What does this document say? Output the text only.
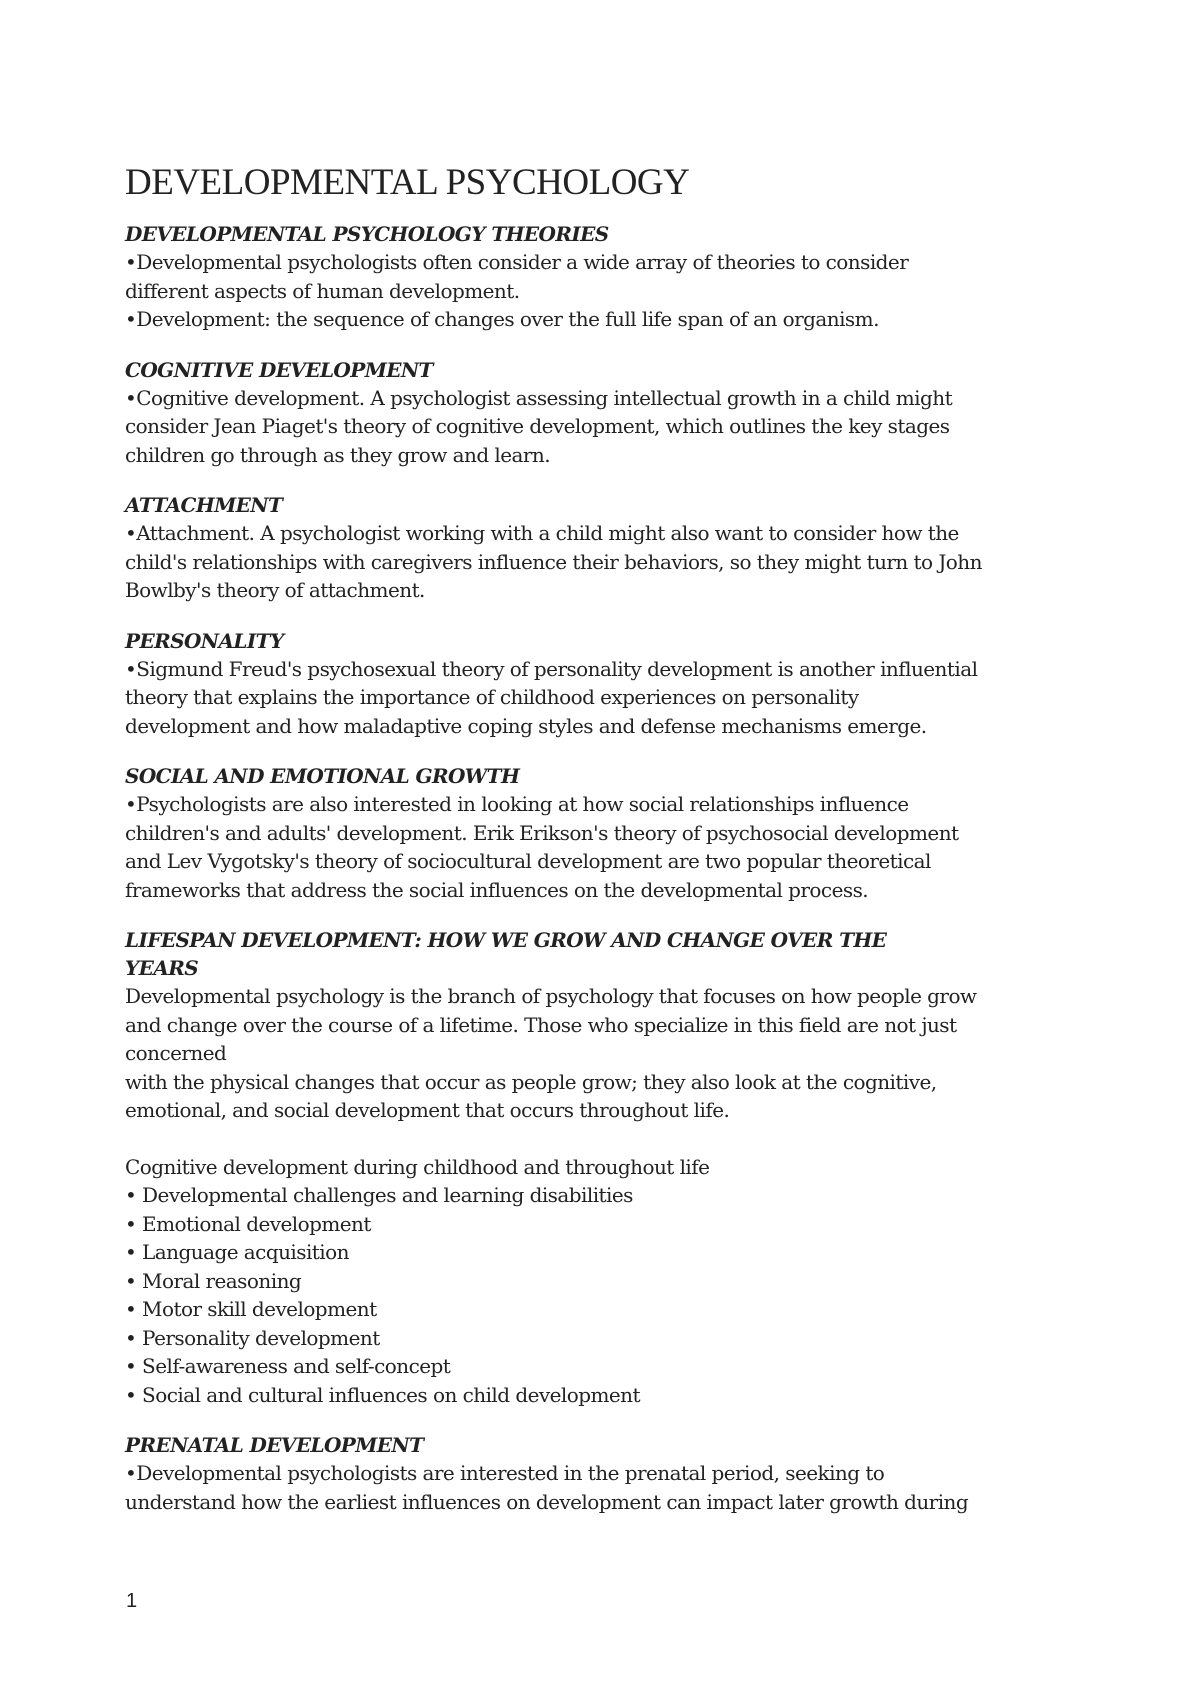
DEVELOPMENTAL PSYCHOLOGY

DEVELOPMENTAL PSYCHOLOGY THEORIES

•Developmental psychologists often consider a wide array of theories to consider

different aspects of human development.

•Development: the sequence of changes over the full life span of an organism.

COGNITIVE DEVELOPMENT

•Cognitive development. A psychologist assessing intellectual growth in a child might

consider Jean Piaget's theory of cognitive development, which outlines the key stages

children go through as they grow and learn.

ATTACHMENT

•Attachment. A psychologist working with a child might also want to consider how the

child's relationships with caregivers influence their behaviors, so they might turn to John

Bowlby's theory of attachment.

PERSONALITY

•Sigmund Freud's psychosexual theory of personality development is another influential

theory that explains the importance of childhood experiences on personality

development and how maladaptive coping styles and defense mechanisms emerge.

SOCIAL AND EMOTIONAL GROWTH

•Psychologists are also interested in looking at how social relationships influence

children's and adults' development. Erik Erikson's theory of psychosocial development

and Lev Vygotsky's theory of sociocultural development are two popular theoretical

frameworks that address the social influences on the developmental process.

LIFESPAN DEVELOPMENT: HOW WE GROW AND CHANGE OVER THE

YEARS

Developmental psychology is the branch of psychology that focuses on how people grow

and change over the course of a lifetime. Those who specialize in this field are not just

concerned

with the physical changes that occur as people grow; they also look at the cognitive,

emotional, and social development that occurs throughout life.

Cognitive development during childhood and throughout life

• Developmental challenges and learning disabilities
• Emotional development
• Language acquisition
• Moral reasoning
• Motor skill development
• Personality development
• Self-awareness and self-concept
• Social and cultural influences on child development

PRENATAL DEVELOPMENT

•Developmental psychologists are interested in the prenatal period, seeking to

understand how the earliest influences on development can impact later growth during

1
